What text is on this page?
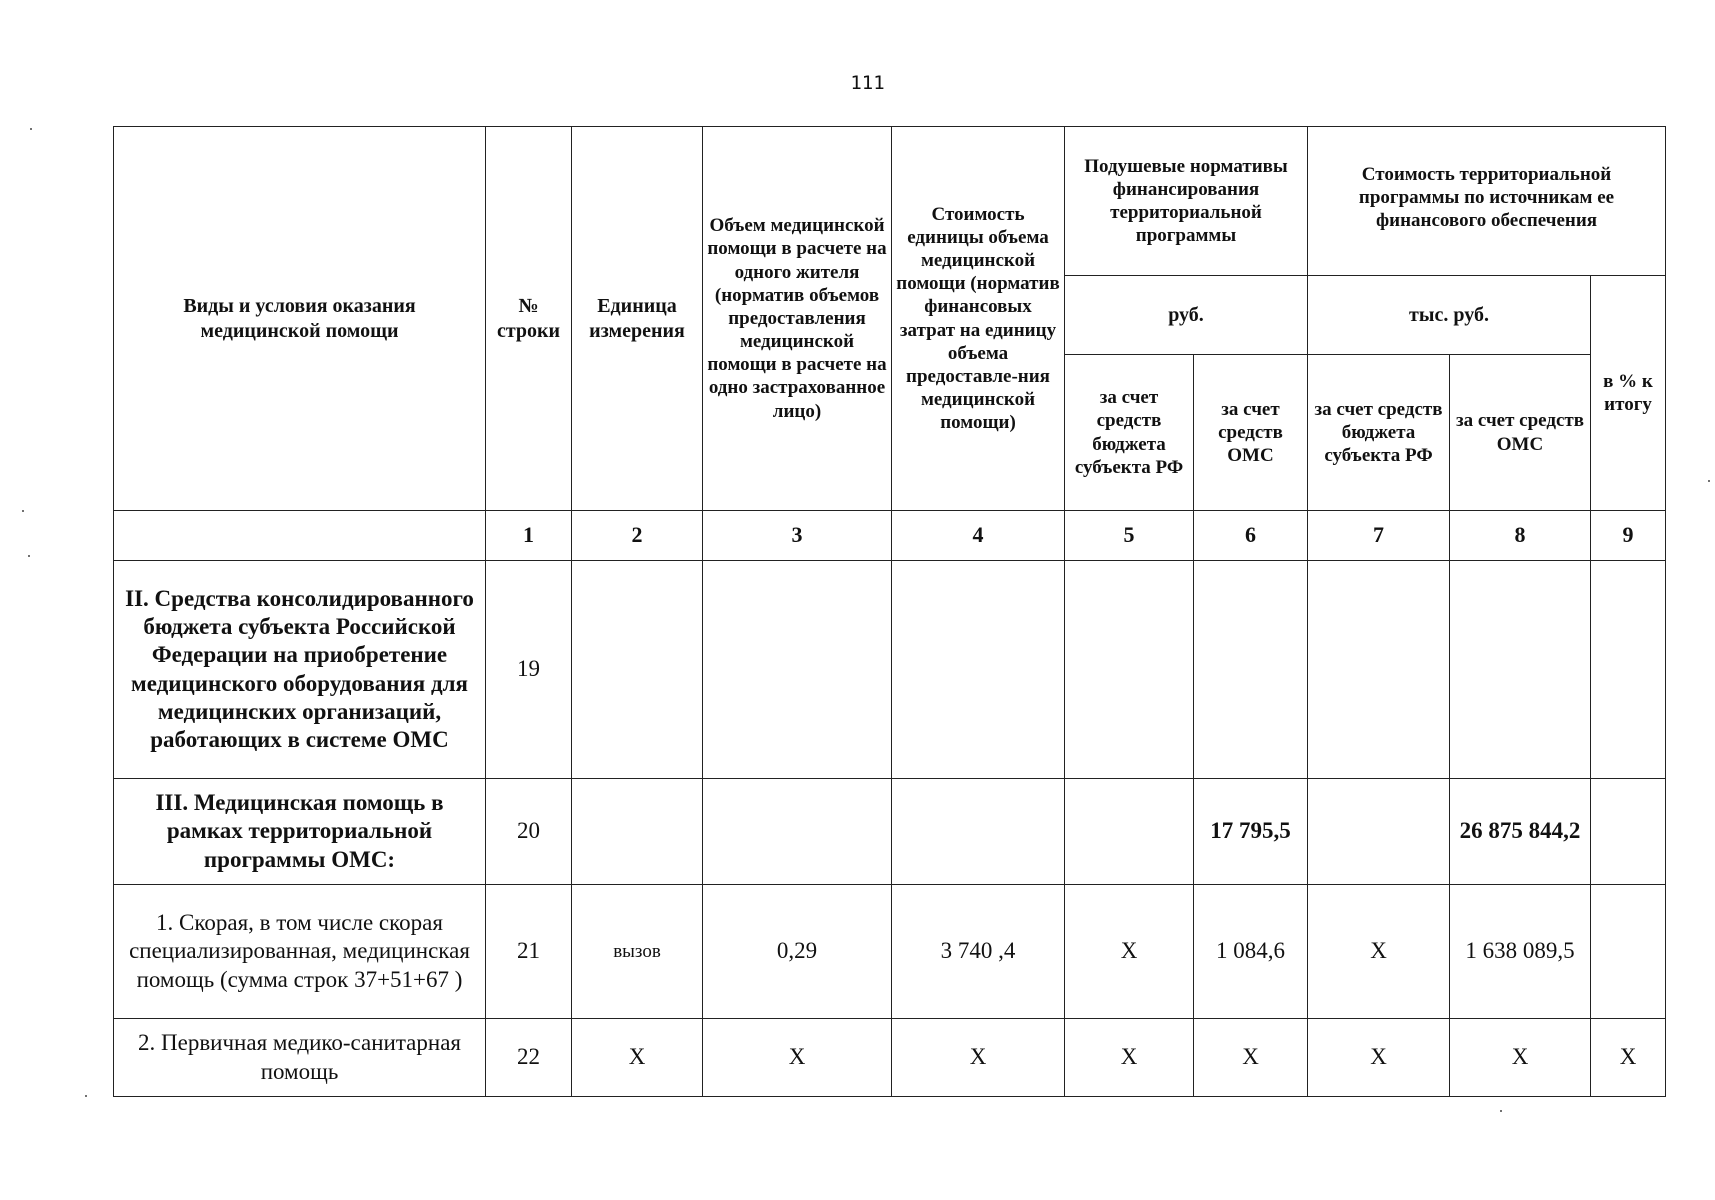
111
Виды и условия оказания медицинской помощи	№ строки	Единица измерения	Объем медицинской помощи в расчете на одного жителя (норматив объемов предоставления медицинской помощи в расчете на одно застрахованное лицо)	Стоимость единицы объема медицинской помощи (норматив финансовых затрат на единицу объема предоставле-ния медицинской помощи)	Подушевые нормативы финансирования территориальной программы		Стоимость территориальной программы по источникам ее финансового обеспечения		
					руб.		тыс. руб.		в % к итогу
					за счет средств бюджета субъекта РФ	за счет средств ОМС	за счет средств бюджета субъекта РФ	за счет средств ОМС	
	1	2	3	4	5	6	7	8	9
II. Средства консолидированного бюджета субъекта Российской Федерации на приобретение медицинского оборудования для медицинских организаций, работающих в системе ОМС	19								
III. Медицинская помощь в рамках территориальной программы ОМС:	20					17 795,5		26 875 844,2	
1. Скорая, в том числе скорая специализированная, медицинская помощь (сумма строк 37+51+67 )	21	вызов	0,29	3 740 ,4	Х	1 084,6	Х	1 638 089,5	
2. Первичная медико-санитарная помощь	22	Х	Х	Х	Х	Х	Х	Х	Х
